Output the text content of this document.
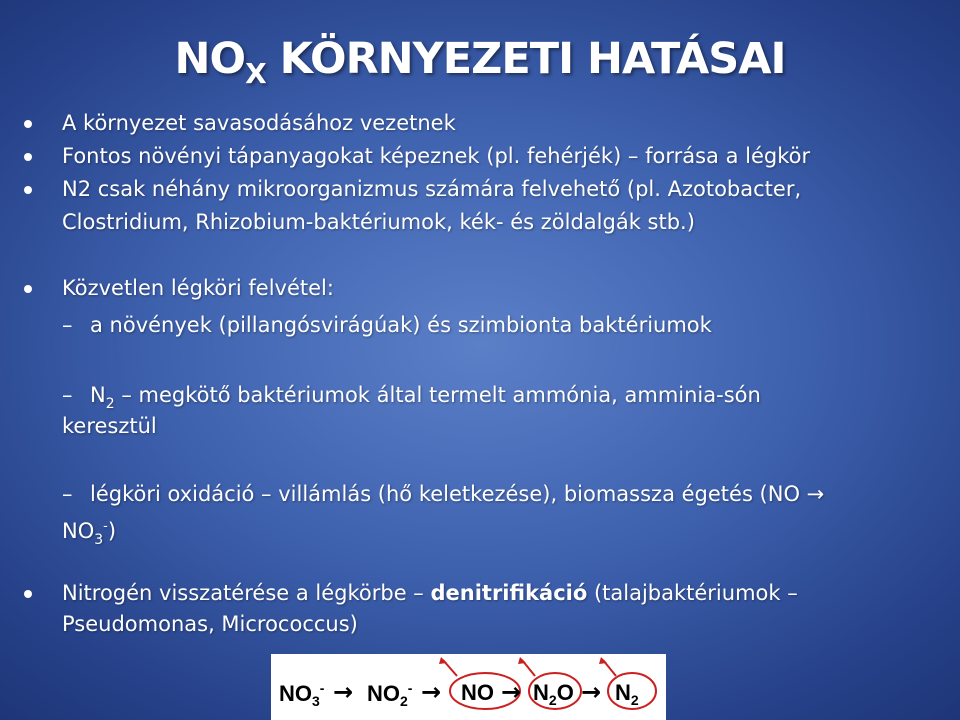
$NO_X$ KÖRNYEZETI HATÁSAI
A környezet savasodásához vezetnek
Fontos növényi tápanyagokat képeznek (pl. fehérjék) – forrása a légkör
N2 csak néhány mikroorganizmus számára felvehető (pl. Azotobacter,
Clostridium, Rhizobium-baktériumok, kék- és zöldalgák stb.)
Közvetlen légköri felvétel:
– a növények (pillangósvirágúak) és szimbionta baktériumok
– $N_2$ – megkötő baktériumok által termelt ammónia, amminia-són
keresztül
– légköri oxidáció – villámlás (hő keletkezése), biomassza égetés (NO →
$NO_3^-$)
Nitrogén visszatérése a légkörbe – denitrifikáció (talajbaktériumok –
Pseudomonas, Micrococcus)
$NO_3^- \to NO_2^-$ → NO → $N_2O \to N_2$
